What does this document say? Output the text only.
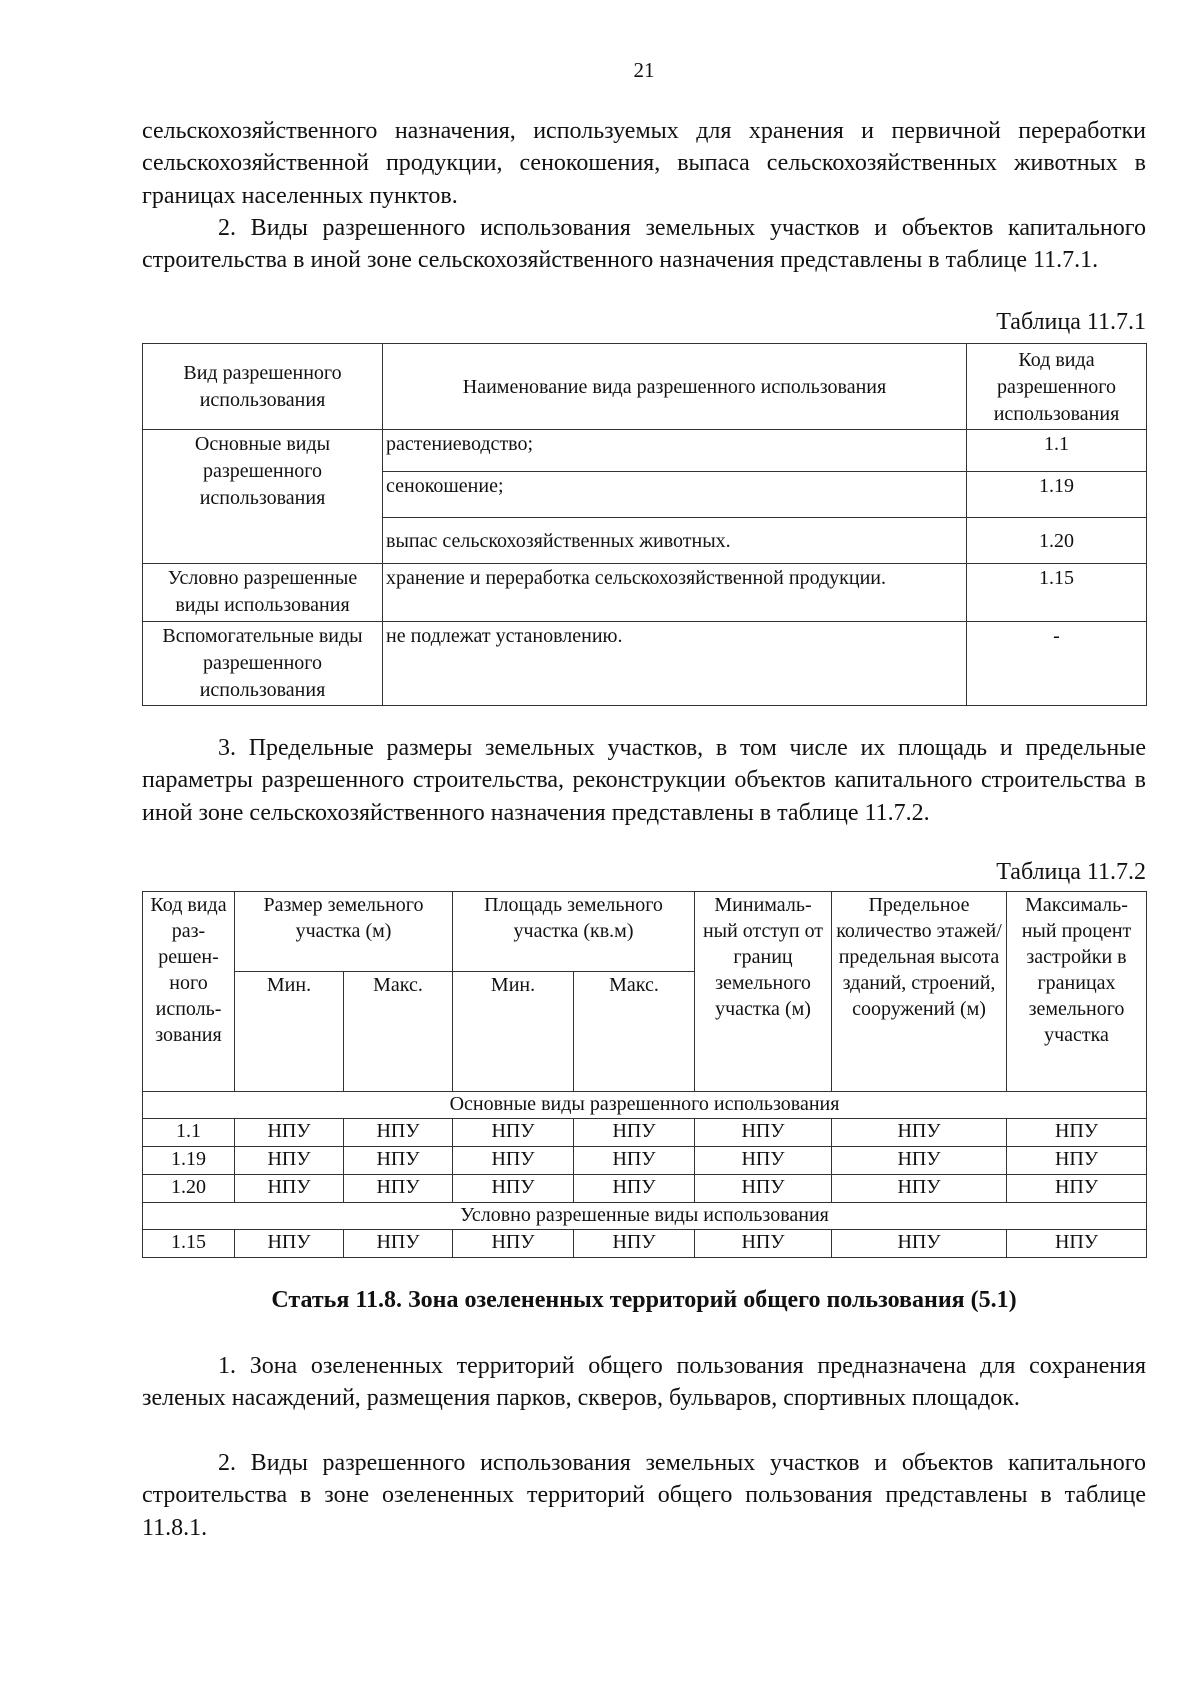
21

сельскохозяйственного назначения, используемых для хранения и первичной переработки сельскохозяйственной продукции, сенокошения, выпаса сельскохозяйственных животных в границах населенных пунктов.

2. Виды разрешенного использования земельных участков и объектов капитального строительства в иной зоне сельскохозяйственного назначения представлены в таблице 11.7.1.

Таблица 11.7.1
Вид разрешенного использования	Наименование вида разрешенного использования	Код вида разрешенного использования
Основные виды разрешенного использования	растениеводство;	1.1
	сенокошение;	1.19
	выпас сельскохозяйственных животных.	1.20
Условно разрешенные виды использования	хранение и переработка сельскохозяйственной продукции.	1.15
Вспомогательные виды разрешенного использования	не подлежат установлению.	-

3. Предельные размеры земельных участков, в том числе их площадь и предельные параметры разрешенного строительства, реконструкции объектов капитального строительства в иной зоне сельскохозяйственного назначения представлены в таблице 11.7.2.

Таблица 11.7.2
Код вида раз- решен- ного исполь- зования	Размер земельного участка (м)		Площадь земельного участка (кв.м)		Минималь- ный отступ от границ земельного участка (м)	Предельное количество этажей/ предельная высота зданий, строений, сооружений (м)	Максималь- ный процент застройки в границах земельного участка
	Мин.	Макс.	Мин.	Макс.			
Основные виды разрешенного использования							
1.1	НПУ	НПУ	НПУ	НПУ	НПУ	НПУ	НПУ
1.19	НПУ	НПУ	НПУ	НПУ	НПУ	НПУ	НПУ
1.20	НПУ	НПУ	НПУ	НПУ	НПУ	НПУ	НПУ
Условно разрешенные виды использования							
1.15	НПУ	НПУ	НПУ	НПУ	НПУ	НПУ	НПУ
Статья 11.8. Зона озелененных территорий общего пользования (5.1)

1. Зона озелененных территорий общего пользования предназначена для сохранения зеленых насаждений, размещения парков, скверов, бульваров, спортивных площадок.

2. Виды разрешенного использования земельных участков и объектов капитального строительства в зоне озелененных территорий общего пользования представлены в таблице 11.8.1.
